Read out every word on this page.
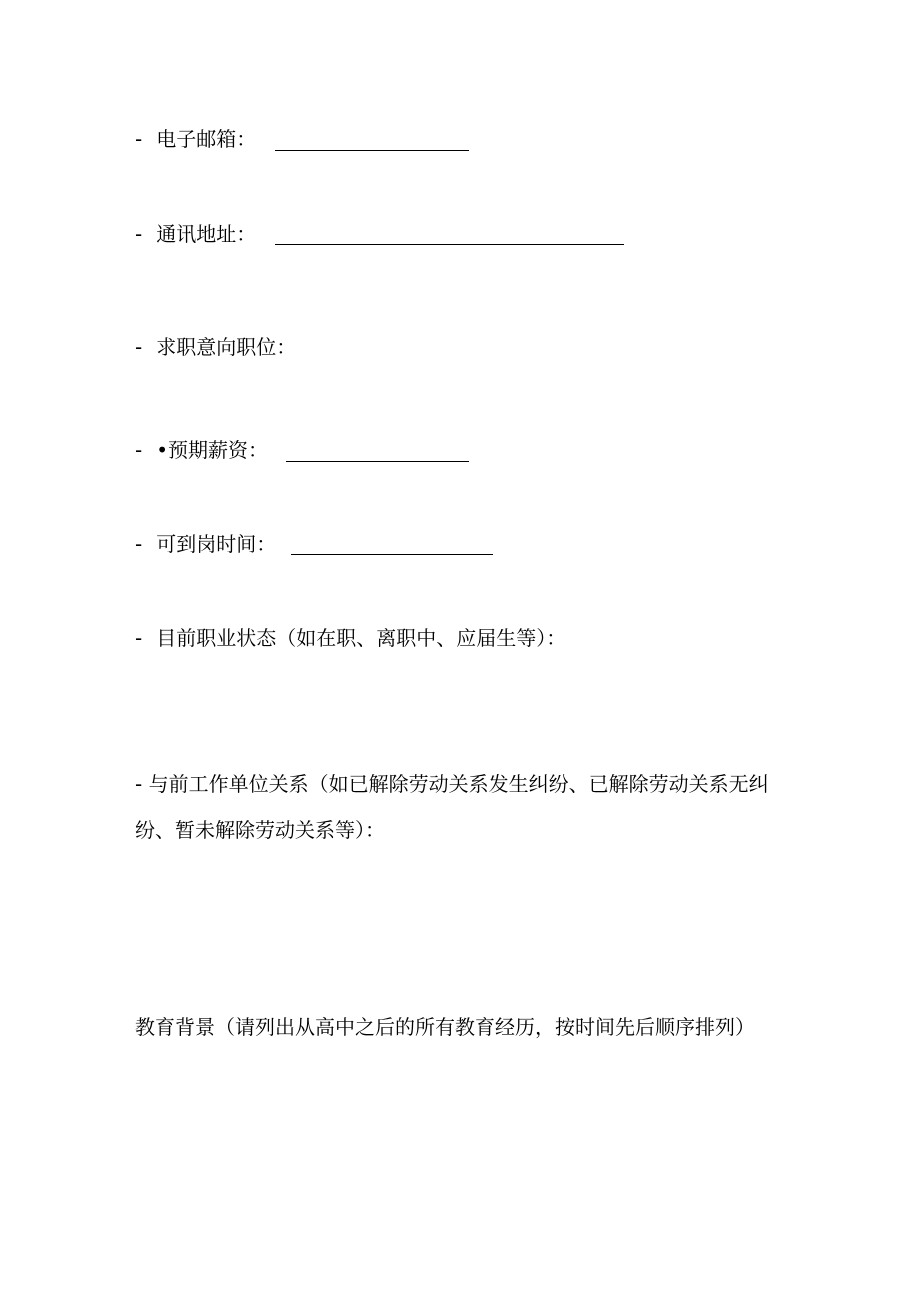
- 电子邮箱：
- 通讯地址：
- 求职意向职位：
- •预期薪资：
- 可到岗时间：
- 目前职业状态（如在职、离职中、应届生等）：
- 与前工作单位关系（如已解除劳动关系发生纠纷、已解除劳动关系无纠纷、暂未解除劳动关系等）：
教育背景（请列出从高中之后的所有教育经历，按时间先后顺序排列）
